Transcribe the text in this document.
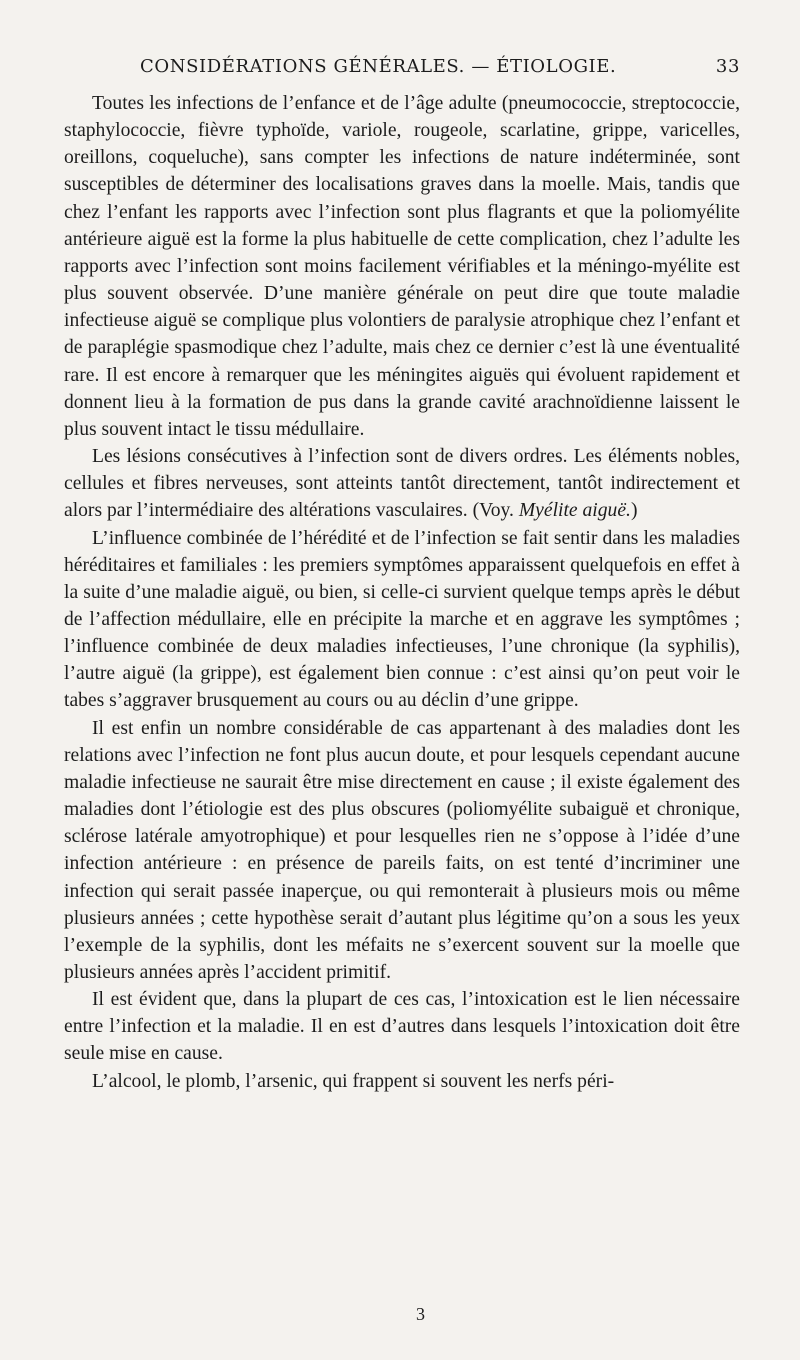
CONSIDÉRATIONS GÉNÉRALES. — ÉTIOLOGIE.	33

Toutes les infections de l’enfance et de l’âge adulte (pneumococcie, streptococcie, staphylococcie, fièvre typhoïde, variole, rougeole, scarlatine, grippe, varicelles, oreillons, coqueluche), sans compter les infections de nature indéterminée, sont susceptibles de déterminer des localisations graves dans la moelle. Mais, tandis que chez l’enfant les rapports avec l’infection sont plus flagrants et que la poliomyélite antérieure aiguë est la forme la plus habituelle de cette complication, chez l’adulte les rapports avec l’infection sont moins facilement vérifiables et la méningo-myélite est plus souvent observée. D’une manière générale on peut dire que toute maladie infectieuse aiguë se complique plus volontiers de paralysie atrophique chez l’enfant et de paraplégie spasmodique chez l’adulte, mais chez ce dernier c’est là une éventualité rare. Il est encore à remarquer que les méningites aiguës qui évoluent rapidement et donnent lieu à la formation de pus dans la grande cavité arachnoïdienne laissent le plus souvent intact le tissu médullaire.

Les lésions consécutives à l’infection sont de divers ordres. Les éléments nobles, cellules et fibres nerveuses, sont atteints tantôt directement, tantôt indirectement et alors par l’intermédiaire des altérations vasculaires. (Voy. Myélite aiguë.)

L’influence combinée de l’hérédité et de l’infection se fait sentir dans les maladies héréditaires et familiales : les premiers symptômes apparaissent quelquefois en effet à la suite d’une maladie aiguë, ou bien, si celle-ci survient quelque temps après le début de l’affection médullaire, elle en précipite la marche et en aggrave les symptômes ; l’influence combinée de deux maladies infectieuses, l’une chronique (la syphilis), l’autre aiguë (la grippe), est également bien connue : c’est ainsi qu’on peut voir le tabes s’aggraver brusquement au cours ou au déclin d’une grippe.

Il est enfin un nombre considérable de cas appartenant à des maladies dont les relations avec l’infection ne font plus aucun doute, et pour lesquels cependant aucune maladie infectieuse ne saurait être mise directement en cause ; il existe également des maladies dont l’étiologie est des plus obscures (poliomyélite subaiguë et chronique, sclérose latérale amyotrophique) et pour lesquelles rien ne s’oppose à l’idée d’une infection antérieure : en présence de pareils faits, on est tenté d’incriminer une infection qui serait passée inaperçue, ou qui remonterait à plusieurs mois ou même plusieurs années ; cette hypothèse serait d’autant plus légitime qu’on a sous les yeux l’exemple de la syphilis, dont les méfaits ne s’exercent souvent sur la moelle que plusieurs années après l’accident primitif.

Il est évident que, dans la plupart de ces cas, l’intoxication est le lien nécessaire entre l’infection et la maladie. Il en est d’autres dans lesquels l’intoxication doit être seule mise en cause.

L’alcool, le plomb, l’arsenic, qui frappent si souvent les nerfs péri-

3
